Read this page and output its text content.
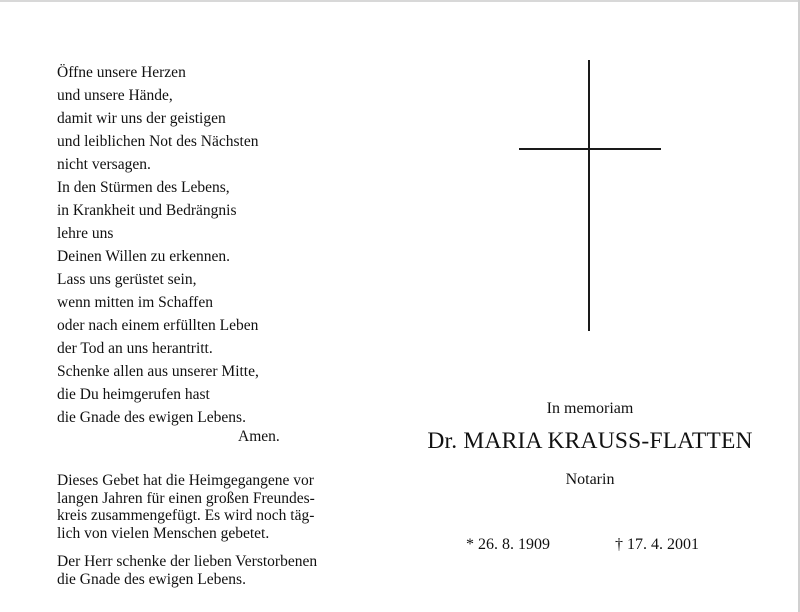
Öffne unsere Herzen
und unsere Hände,
damit wir uns der geistigen
und leiblichen Not des Nächsten
nicht versagen.
In den Stürmen des Lebens,
in Krankheit und Bedrängnis
lehre uns
Deinen Willen zu erkennen.
Lass uns gerüstet sein,
wenn mitten im Schaffen
oder nach einem erfüllten Leben
der Tod an uns herantritt.
Schenke allen aus unserer Mitte,
die Du heimgerufen hast
die Gnade des ewigen Lebens.
Amen.
Dieses Gebet hat die Heimgegangene vor
langen Jahren für einen großen Freundes-
kreis zusammengefügt. Es wird noch täg-
lich von vielen Menschen gebetet.
Der Herr schenke der lieben Verstorbenen
die Gnade des ewigen Lebens.
In memoriam
Dr. MARIA KRAUSS-FLATTEN
Notarin
* 26. 8. 1909	† 17. 4. 2001
